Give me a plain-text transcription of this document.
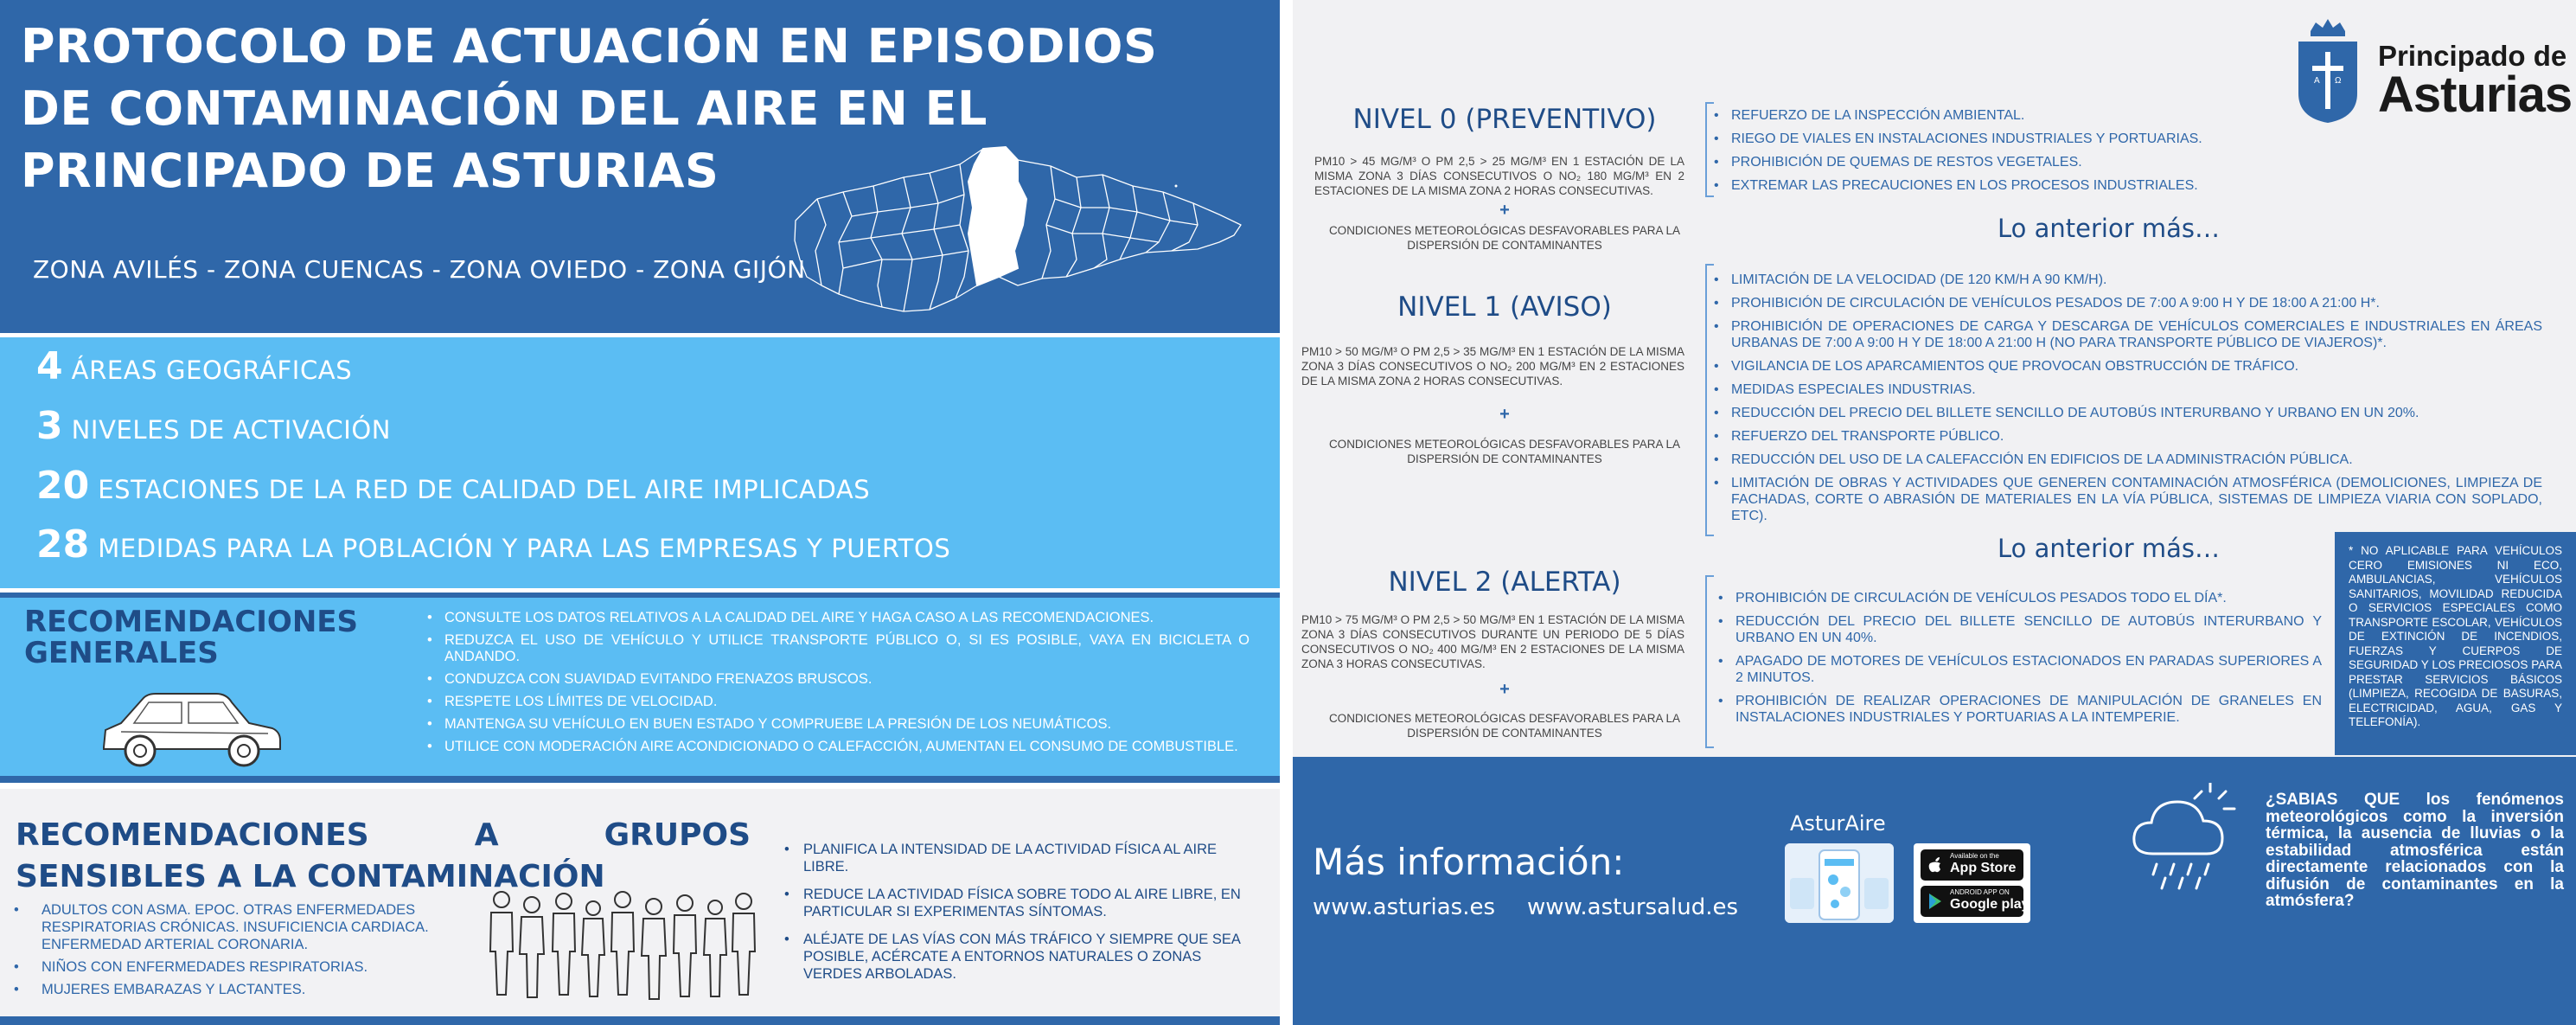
PROTOCOLO DE ACTUACIÓN EN EPISODIOS
DE CONTAMINACIÓN DEL AIRE EN EL
PRINCIPADO DE ASTURIAS
ZONA AVILÉS - ZONA CUENCAS - ZONA OVIEDO - ZONA GIJÓN
4 ÁREAS GEOGRÁFICAS
3 NIVELES DE ACTIVACIÓN
20 ESTACIONES DE LA RED DE CALIDAD DEL AIRE IMPLICADAS
28 MEDIDAS PARA LA POBLACIÓN Y PARA LAS EMPRESAS Y PUERTOS
RECOMENDACIONES
GENERALES
• CONSULTE LOS DATOS RELATIVOS A LA CALIDAD DEL AIRE Y HAGA CASO A LAS RECOMENDACIONES.
• REDUZCA EL USO DE VEHÍCULO Y UTILICE TRANSPORTE PÚBLICO O, SI ES POSIBLE, VAYA EN BICICLETA O ANDANDO.
• CONDUZCA CON SUAVIDAD EVITANDO FRENAZOS BRUSCOS.
• RESPETE LOS LÍMITES DE VELOCIDAD.
• MANTENGA SU VEHÍCULO EN BUEN ESTADO Y COMPRUEBE LA PRESIÓN DE LOS NEUMÁTICOS.
• UTILICE CON MODERACIÓN AIRE ACONDICIONADO O CALEFACCIÓN, AUMENTAN EL CONSUMO DE COMBUSTIBLE.
RECOMENDACIONES A GRUPOS SENSIBLES A LA CONTAMINACIÓN
• ADULTOS CON ASMA. EPOC. OTRAS ENFERMEDADES RESPIRATORIAS CRÓNICAS. INSUFICIENCIA CARDIACA. ENFERMEDAD ARTERIAL CORONARIA.
• NIÑOS CON ENFERMEDADES RESPIRATORIAS.
• MUJERES EMBARAZAS Y LACTANTES.
• PLANIFICA LA INTENSIDAD DE LA ACTIVIDAD FÍSICA AL AIRE LIBRE.
• REDUCE LA ACTIVIDAD FÍSICA SOBRE TODO AL AIRE LIBRE, EN PARTICULAR SI EXPERIMENTAS SÍNTOMAS.
• ALÉJATE DE LAS VÍAS CON MÁS TRÁFICO Y SIEMPRE QUE SEA POSIBLE, ACÉRCATE A ENTORNOS NATURALES O ZONAS VERDES ARBOLADAS.
A Ω
Principado de
Asturias
NIVEL 0 (PREVENTIVO)
PM10 > 45 ΜG/M³ O PM 2,5 > 25 ΜG/M³ EN 1 ESTACIÓN DE LA MISMA ZONA 3 DÍAS CONSECUTIVOS O NO₂ 180 ΜG/M³ EN 2 ESTACIONES DE LA MISMA ZONA 2 HORAS CONSECUTIVAS.
+
CONDICIONES METEOROLÓGICAS DESFAVORABLES PARA LA DISPERSIÓN DE CONTAMINANTES
• REFUERZO DE LA INSPECCIÓN AMBIENTAL.
• RIEGO DE VIALES EN INSTALACIONES INDUSTRIALES Y PORTUARIAS.
• PROHIBICIÓN DE QUEMAS DE RESTOS VEGETALES.
• EXTREMAR LAS PRECAUCIONES EN LOS PROCESOS INDUSTRIALES.
Lo anterior más…
NIVEL 1 (AVISO)
PM10 > 50 ΜG/M³ O PM 2,5 > 35 ΜG/M³ EN 1 ESTACIÓN DE LA MISMA ZONA 3 DÍAS CONSECUTIVOS O NO₂ 200 ΜG/M³ EN 2 ESTACIONES DE LA MISMA ZONA 2 HORAS CONSECUTIVAS.
+
CONDICIONES METEOROLÓGICAS DESFAVORABLES PARA LA DISPERSIÓN DE CONTAMINANTES
• LIMITACIÓN DE LA VELOCIDAD (DE 120 KM/H A 90 KM/H).
• PROHIBICIÓN DE CIRCULACIÓN DE VEHÍCULOS PESADOS DE 7:00 A 9:00 H Y DE 18:00 A 21:00 H*.
• PROHIBICIÓN DE OPERACIONES DE CARGA Y DESCARGA DE VEHÍCULOS COMERCIALES E INDUSTRIALES EN ÁREAS URBANAS DE 7:00 A 9:00 H Y DE 18:00 A 21:00 H (NO PARA TRANSPORTE PÚBLICO DE VIAJEROS)*.
• VIGILANCIA DE LOS APARCAMIENTOS QUE PROVOCAN OBSTRUCCIÓN DE TRÁFICO.
• MEDIDAS ESPECIALES INDUSTRIAS.
• REDUCCIÓN DEL PRECIO DEL BILLETE SENCILLO DE AUTOBÚS INTERURBANO Y URBANO EN UN 20%.
• REFUERZO DEL TRANSPORTE PÚBLICO.
• REDUCCIÓN DEL USO DE LA CALEFACCIÓN EN EDIFICIOS DE LA ADMINISTRACIÓN PÚBLICA.
• LIMITACIÓN DE OBRAS Y ACTIVIDADES QUE GENEREN CONTAMINACIÓN ATMOSFÉRICA (DEMOLICIONES, LIMPIEZA DE FACHADAS, CORTE O ABRASIÓN DE MATERIALES EN LA VÍA PÚBLICA, SISTEMAS DE LIMPIEZA VIARIA CON SOPLADO, ETC).
Lo anterior más…
NIVEL 2 (ALERTA)
PM10 > 75 ΜG/M³ O PM 2,5 > 50 ΜG/M³ EN 1 ESTACIÓN DE LA MISMA ZONA 3 DÍAS CONSECUTIVOS DURANTE UN PERIODO DE 5 DÍAS CONSECUTIVOS O NO₂ 400 ΜG/M³ EN 2 ESTACIONES DE LA MISMA ZONA 3 HORAS CONSECUTIVAS.
+
CONDICIONES METEOROLÓGICAS DESFAVORABLES PARA LA DISPERSIÓN DE CONTAMINANTES
• PROHIBICIÓN DE CIRCULACIÓN DE VEHÍCULOS PESADOS TODO EL DÍA*.
• REDUCCIÓN DEL PRECIO DEL BILLETE SENCILLO DE AUTOBÚS INTERURBANO Y URBANO EN UN 40%.
• APAGADO DE MOTORES DE VEHÍCULOS ESTACIONADOS EN PARADAS SUPERIORES A 2 MINUTOS.
• PROHIBICIÓN DE REALIZAR OPERACIONES DE MANIPULACIÓN DE GRANELES EN INSTALACIONES INDUSTRIALES Y PORTUARIAS A LA INTEMPERIE.
* NO APLICABLE PARA VEHÍCULOS CERO EMISIONES NI ECO, AMBULANCIAS, VEHÍCULOS SANITARIOS, MOVILIDAD REDUCIDA O SERVICIOS ESPECIALES COMO TRANSPORTE ESCOLAR, VEHÍCULOS DE EXTINCIÓN DE INCENDIOS, FUERZAS Y CUERPOS DE SEGURIDAD Y LOS PRECIOSOS PARA PRESTAR SERVICIOS BÁSICOS (LIMPIEZA, RECOGIDA DE BASURAS, ELECTRICIDAD, AGUA, GAS Y TELEFONÍA).
Más información:
www.asturias.es www.astursalud.es
AsturAire
Available on the
App Store
ANDROID APP ON
Google play
¿SABIAS QUE los fenómenos meteorológicos como la inversión térmica, la ausencia de lluvias o la estabilidad atmosférica están directamente relacionados con la difusión de contaminantes en la atmósfera?
